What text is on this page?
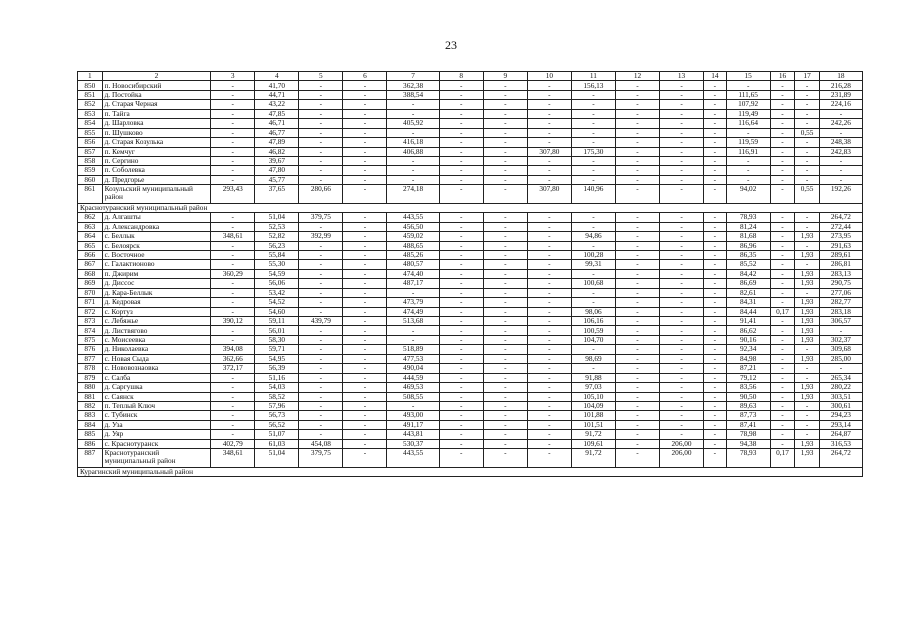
23
1	2	3	4	5	6	7	8	9	10	11	12	13	14	15	16	17	18
850	п. Новосибирский	-	41,70	-	-	362,38	-	-	-	156,13	-	-	-	-	-	-	216,28
851	д. Постойка	-	44,71	-	-	388,54	-	-	-	-	-	-	-	111,65	-	-	231,89
852	д. Старая Черная	-	43,22	-	-	-	-	-	-	-	-	-	-	107,92	-	-	224,16
853	п. Тайга	-	47,85	-	-	-	-	-	-	-	-	-	-	119,49	-	-	-
854	д. Шарловка	-	46,71	-	-	405,92	-	-	-	-	-	-	-	116,64	-	-	242,26
855	п. Шушково	-	46,77	-	-	-	-	-	-	-	-	-	-	-	-	0,55	-
856	д. Старая Козулька	-	47,89	-	-	416,18	-	-	-	-	-	-	-	119,59	-	-	248,38
857	п. Кемчуг	-	46,82	-	-	406,88	-	-	307,80	175,30	-	-	-	116,91	-	-	242,83
858	п. Сергино	-	39,67	-	-	-	-	-	-	-	-	-	-	-	-	-	-
859	п. Соболевка	-	47,80	-	-	-	-	-	-	-	-	-	-	-	-	-	-
860	д. Предгорье	-	45,77	-	-	-	-	-	-	-	-	-	-	-	-	-	-
861	Козульский муниципальный район	293,43	37,65	280,66	-	274,18	-	-	307,80	140,96	-	-	-	94,02	-	0,55	192,26
Краснотуранский муниципальный район																	
862	д. Алгашты	-	51,04	379,75	-	443,55	-	-	-	-	-	-	-	78,93	-	-	264,72
863	д. Александровка	-	52,53	-	-	456,50	-	-	-	-	-	-	-	81,24	-	-	272,44
864	с. Беллык	348,61	52,82	392,99	-	459,02	-	-	-	94,86	-	-	-	81,68	-	1,93	273,95
865	с. Белоярск	-	56,23	-	-	488,65	-	-	-	-	-	-	-	86,96	-	-	291,63
866	с. Восточное	-	55,84	-	-	485,26	-	-	-	100,28	-	-	-	86,35	-	1,93	289,61
867	с. Галактионово	-	55,30	-	-	480,57	-	-	-	99,31	-	-	-	85,52	-	-	286,81
868	п. Джирим	360,29	54,59	-	-	474,40	-	-	-	-	-	-	-	84,42	-	1,93	283,13
869	д. Диссос	-	56,06	-	-	487,17	-	-	-	100,68	-	-	-	86,69	-	1,93	290,75
870	д. Кара-Беллык	-	53,42	-	-	-	-	-	-	-	-	-	-	82,61	-	-	277,06
871	д. Кедровая	-	54,52	-	-	473,79	-	-	-	-	-	-	-	84,31	-	1,93	282,77
872	с. Кортуз	-	54,60	-	-	474,49	-	-	-	98,06	-	-	-	84,44	0,17	1,93	283,18
873	с. Лебяжье	390,12	59,11	439,79	-	513,68	-	-	-	106,16	-	-	-	91,41	-	1,93	306,57
874	д. Листвягово	-	56,01	-	-	-	-	-	-	100,59	-	-	-	86,62	-	1,93	-
875	с. Моисеевка	-	58,30	-	-	-	-	-	-	104,70	-	-	-	90,16	-	1,93	302,37
876	д. Николаевка	394,08	59,71	-	-	518,89	-	-	-	-	-	-	-	92,34	-	-	309,68
877	с. Новая Сыда	362,66	54,95	-	-	477,53	-	-	-	98,69	-	-	-	84,98	-	1,93	285,00
878	с. Нововознаовка	372,17	56,39	-	-	490,04	-	-	-	-	-	-	-	87,21	-	-	-
879	с. Салба	-	51,16	-	-	444,59	-	-	-	91,88	-	-	-	79,12	-	-	265,34
880	д. Саргушка	-	54,03	-	-	469,53	-	-	-	97,03	-	-	-	83,56	-	1,93	280,22
881	с. Саянск	-	58,52	-	-	508,55	-	-	-	105,10	-	-	-	90,50	-	1,93	303,51
882	п. Теплый Ключ	-	57,96	-	-	-	-	-	-	104,09	-	-	-	89,63	-	-	300,61
883	с. Тубинск	-	56,73	-	-	493,00	-	-	-	101,88	-	-	-	87,73	-	-	294,23
884	д. Уза	-	56,52	-	-	491,17	-	-	-	101,51	-	-	-	87,41	-	-	293,14
885	д. Уяр	-	51,07	-	-	443,81	-	-	-	91,72	-	-	-	78,98	-	-	264,87
886	с. Краснотуранск	402,79	61,03	454,08	-	530,37	-	-	-	109,61	-	206,00	-	94,38	-	1,93	316,53
887	Краснотуранский муниципальный район	348,61	51,04	379,75	-	443,55	-	-	-	91,72	-	206,00	-	78,93	0,17	1,93	264,72
Курагинский муниципальный район																	
